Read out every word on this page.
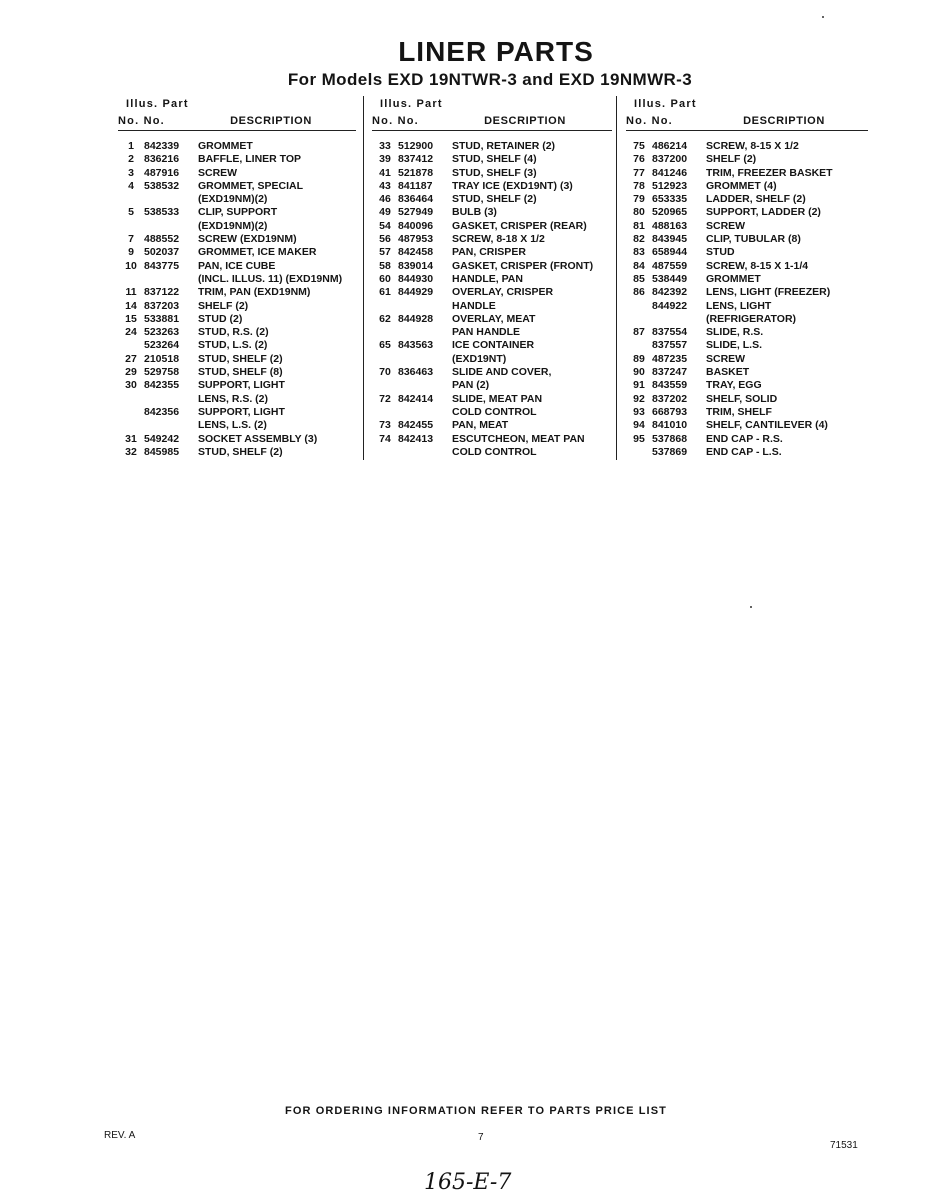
LINER PARTS
For Models EXD 19NTWR-3 and EXD 19NMWR-3
Illus. Part
No. No.	DESCRIPTION
1 842339 GROMMET
2 836216 BAFFLE, LINER TOP
3 487916 SCREW
4 538532 GROMMET, SPECIAL
(EXD19NM)(2)
5 538533 CLIP, SUPPORT
(EXD19NM)(2)
7 488552 SCREW (EXD19NM)
9 502037 GROMMET, ICE MAKER
10 843775 PAN, ICE CUBE
(INCL. ILLUS. 11) (EXD19NM)
11 837122 TRIM, PAN (EXD19NM)
14 837203 SHELF (2)
15 533881 STUD (2)
24 523263 STUD, R.S. (2)
523264 STUD, L.S. (2)
27 210518 STUD, SHELF (2)
29 529758 STUD, SHELF (8)
30 842355 SUPPORT, LIGHT
LENS, R.S. (2)
842356 SUPPORT, LIGHT
LENS, L.S. (2)
31 549242 SOCKET ASSEMBLY (3)
32 845985 STUD, SHELF (2)
Illus. Part
No. No.	DESCRIPTION
33 512900 STUD, RETAINER (2)
39 837412 STUD, SHELF (4)
41 521878 STUD, SHELF (3)
43 841187 TRAY ICE (EXD19NT) (3)
46 836464 STUD, SHELF (2)
49 527949 BULB (3)
54 840096 GASKET, CRISPER (REAR)
56 487953 SCREW, 8-18 X 1/2
57 842458 PAN, CRISPER
58 839014 GASKET, CRISPER (FRONT)
60 844930 HANDLE, PAN
61 844929 OVERLAY, CRISPER
HANDLE
62 844928 OVERLAY, MEAT
PAN HANDLE
65 843563 ICE CONTAINER
(EXD19NT)
70 836463 SLIDE AND COVER,
PAN (2)
72 842414 SLIDE, MEAT PAN
COLD CONTROL
73 842455 PAN, MEAT
74 842413 ESCUTCHEON, MEAT PAN
COLD CONTROL
Illus. Part
No. No.	DESCRIPTION
75 486214 SCREW, 8-15 X 1/2
76 837200 SHELF (2)
77 841246 TRIM, FREEZER BASKET
78 512923 GROMMET (4)
79 653335 LADDER, SHELF (2)
80 520965 SUPPORT, LADDER (2)
81 488163 SCREW
82 843945 CLIP, TUBULAR (8)
83 658944 STUD
84 487559 SCREW, 8-15 X 1-1/4
85 538449 GROMMET
86 842392 LENS, LIGHT (FREEZER)
844922 LENS, LIGHT
(REFRIGERATOR)
87 837554 SLIDE, R.S.
837557 SLIDE, L.S.
89 487235 SCREW
90 837247 BASKET
91 843559 TRAY, EGG
92 837202 SHELF, SOLID
93 668793 TRIM, SHELF
94 841010 SHELF, CANTILEVER (4)
95 537868 END CAP - R.S.
537869 END CAP - L.S.
FOR ORDERING INFORMATION REFER TO PARTS PRICE LIST
REV. A	7
71531
165-E-7
